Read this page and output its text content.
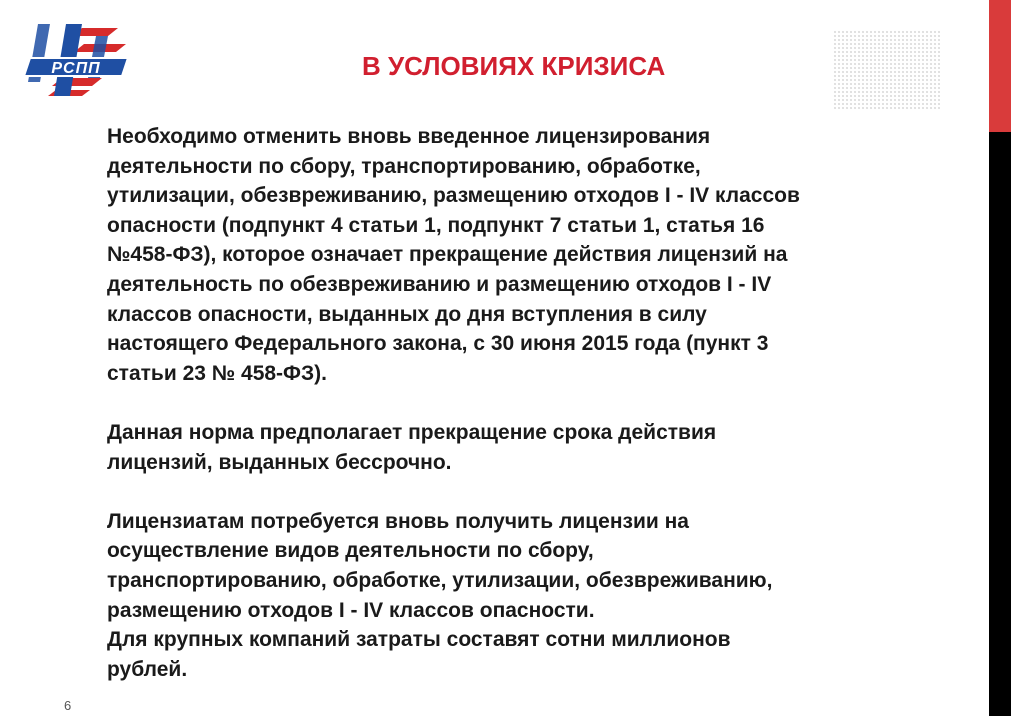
РСПП	В УСЛОВИЯХ КРИЗИСА

Необходимо отменить вновь введенное лицензирования
деятельности по сбору, транспортированию, обработке,
утилизации, обезвреживанию, размещению отходов I - IV классов
опасности (подпункт 4 статьи 1, подпункт 7 статьи 1, статья 16
№458-ФЗ), которое означает прекращение действия лицензий на
деятельность по обезвреживанию и размещению отходов I - IV
классов опасности, выданных до дня вступления в силу
настоящего Федерального закона, с 30 июня 2015 года (пункт 3
статьи 23 № 458-ФЗ).

Данная норма предполагает прекращение срока действия
лицензий, выданных бессрочно.

Лицензиатам потребуется вновь получить лицензии на
осуществление видов деятельности по сбору,
транспортированию, обработке, утилизации, обезвреживанию,
размещению отходов I - IV классов опасности.

Для крупных компаний затраты составят сотни миллионов
рублей.

6
